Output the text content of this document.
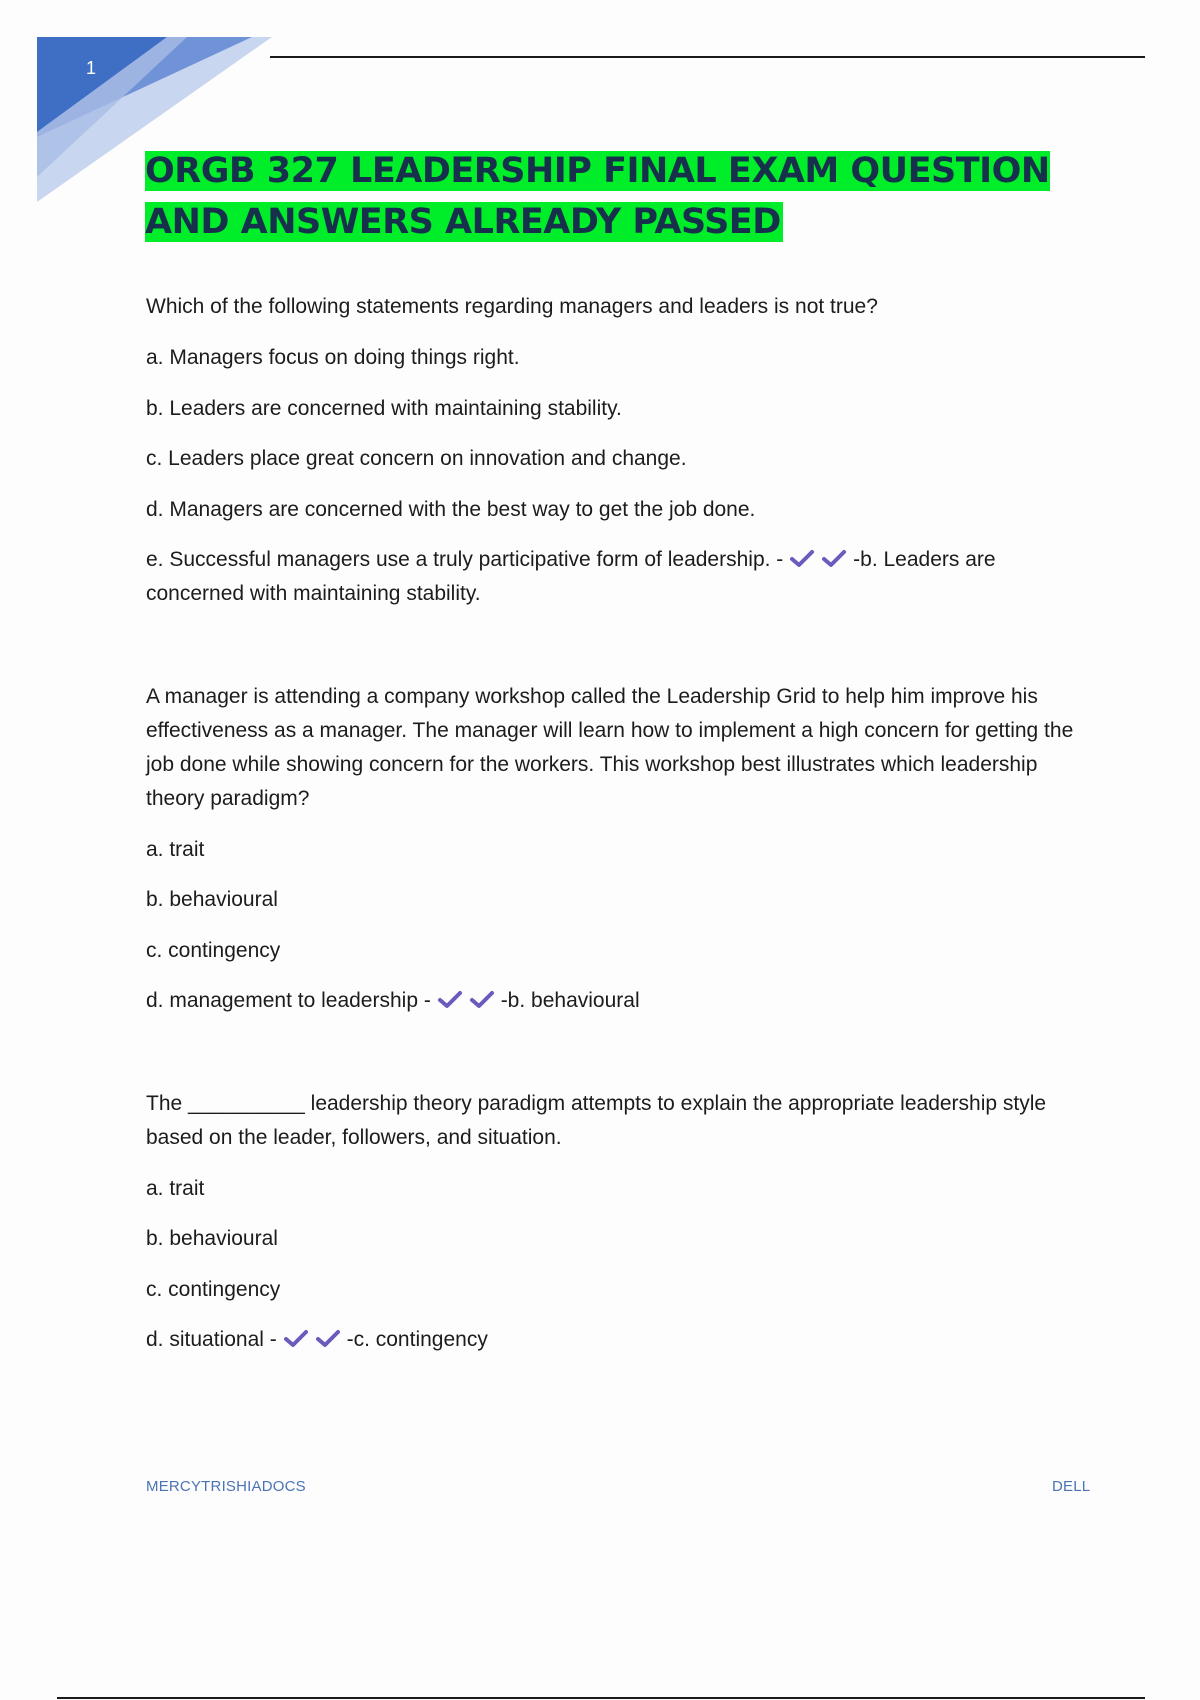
1
ORGB 327 LEADERSHIP FINAL EXAM QUESTION AND ANSWERS ALREADY PASSED

Which of the following statements regarding managers and leaders is not true?

a. Managers focus on doing things right.

b. Leaders are concerned with maintaining stability.

c. Leaders place great concern on innovation and change.

d. Managers are concerned with the best way to get the job done.

e. Successful managers use a truly participative form of leadership. -	-b. Leaders are concerned with maintaining stability.

A manager is attending a company workshop called the Leadership Grid to help him improve his effectiveness as a manager. The manager will learn how to implement a high concern for getting the job done while showing concern for the workers. This workshop best illustrates which leadership theory paradigm?

a. trait

b. behavioural

c. contingency

d. management to leadership -	-b. behavioural

The __________ leadership theory paradigm attempts to explain the appropriate leadership style based on the leader, followers, and situation.

a. trait

b. behavioural

c. contingency

d. situational -	-c. contingency

MERCYTRISHIADOCS	DELL
